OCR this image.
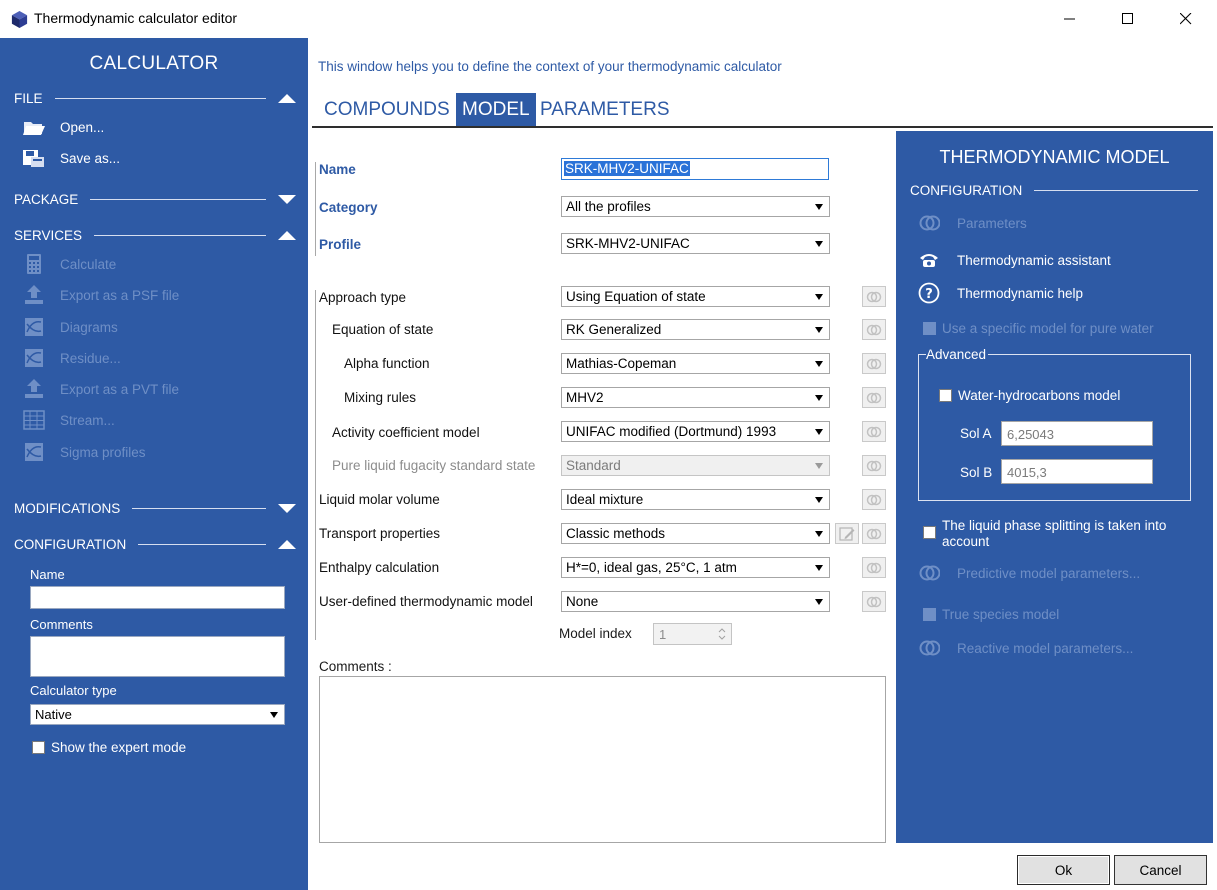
Thermodynamic calculator editor
CALCULATOR
FILE
Open...
Save as...
PACKAGE
SERVICES
Calculate
Export as a PSF file
Diagrams
Residue...
Export as a PVT file
Stream...
Sigma profiles
MODIFICATIONS
CONFIGURATION
Name
Comments
Calculator type
Native
Show the expert mode
This window helps you to define the context of your thermodynamic calculator
COMPOUNDS MODEL PARAMETERS
Name	SRK-MHV2-UNIFAC
Category	All the profiles
Profile	SRK-MHV2-UNIFAC
Approach type	Using Equation of state
Equation of state	RK Generalized
Alpha function	Mathias-Copeman
Mixing rules	MHV2
Activity coefficient model	UNIFAC modified (Dortmund) 1993
Pure liquid fugacity standard state	Standard
Liquid molar volume	Ideal mixture
Transport properties	Classic methods
Enthalpy calculation	H*=0, ideal gas, 25°C, 1 atm
User-defined thermodynamic model	None
Model index	1
Comments :
THERMODYNAMIC MODEL
CONFIGURATION
Parameters
Thermodynamic assistant
? Thermodynamic help
Use a specific model for pure water
Advanced
Water-hydrocarbons model
Sol A	6,25043
Sol B	4015,3
The liquid phase splitting is taken into
account
Predictive model parameters...
True species model
Reactive model parameters...
Ok	Cancel
